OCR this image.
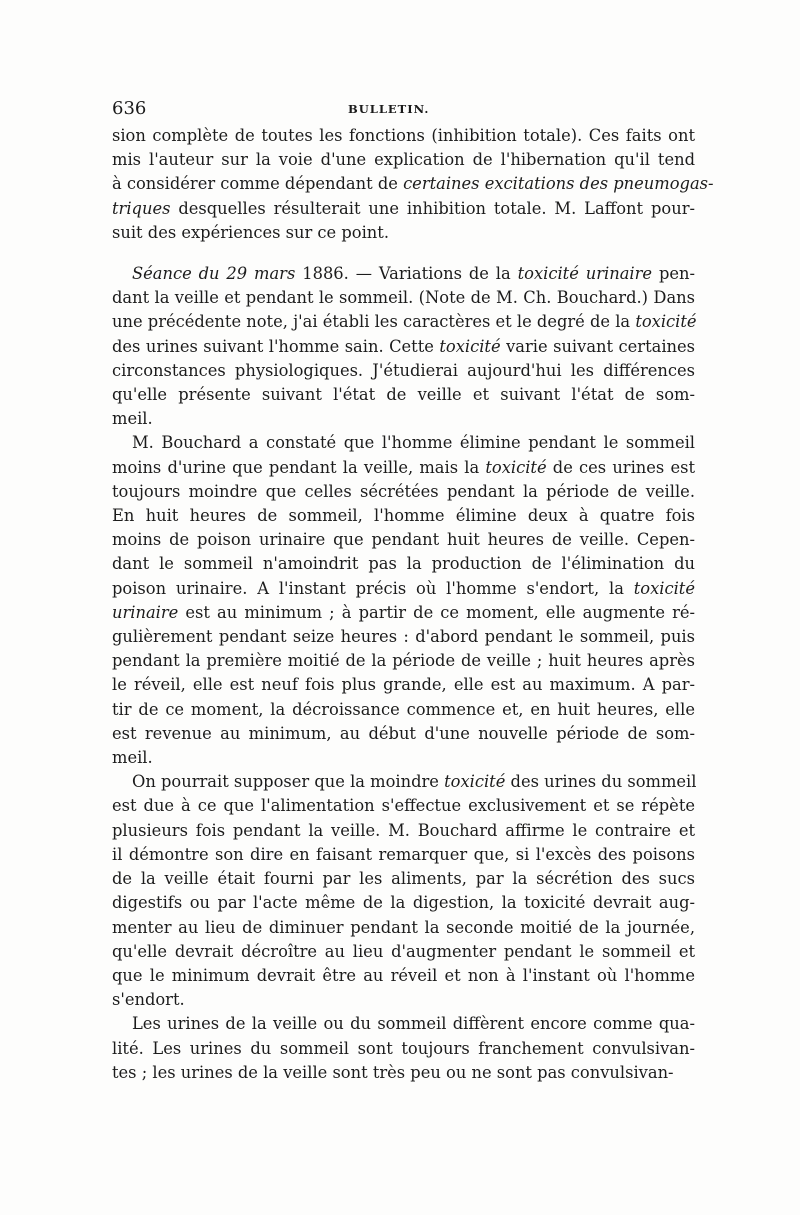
636	BULLETIN.

sion complète de toutes les fonctions (inhibition totale). Ces faits ont
mis l'auteur sur la voie d'une explication de l'hibernation qu'il tend
à considérer comme dépendant de certaines excitations des pneumogas-
triques desquelles résulterait une inhibition totale. M. Laffont pour-
suit des expériences sur ce point.

Séance du 29 mars 1886. — Variations de la toxicité urinaire pen-
dant la veille et pendant le sommeil. (Note de M. Ch. Bouchard.) Dans
une précédente note, j'ai établi les caractères et le degré de la toxicité
des urines suivant l'homme sain. Cette toxicité varie suivant certaines
circonstances physiologiques. J'étudierai aujourd'hui les différences
qu'elle présente suivant l'état de veille et suivant l'état de som-
meil.

M. Bouchard a constaté que l'homme élimine pendant le sommeil
moins d'urine que pendant la veille, mais la toxicité de ces urines est
toujours moindre que celles sécrétées pendant la période de veille.
En huit heures de sommeil, l'homme élimine deux à quatre fois
moins de poison urinaire que pendant huit heures de veille. Cepen-
dant le sommeil n'amoindrit pas la production de l'élimination du
poison urinaire. A l'instant précis où l'homme s'endort, la toxicité
urinaire est au minimum ; à partir de ce moment, elle augmente ré-
gulièrement pendant seize heures : d'abord pendant le sommeil, puis
pendant la première moitié de la période de veille ; huit heures après
le réveil, elle est neuf fois plus grande, elle est au maximum. A par-
tir de ce moment, la décroissance commence et, en huit heures, elle
est revenue au minimum, au début d'une nouvelle période de som-
meil.

On pourrait supposer que la moindre toxicité des urines du sommeil
est due à ce que l'alimentation s'effectue exclusivement et se répète
plusieurs fois pendant la veille. M. Bouchard affirme le contraire et
il démontre son dire en faisant remarquer que, si l'excès des poisons
de la veille était fourni par les aliments, par la sécrétion des sucs
digestifs ou par l'acte même de la digestion, la toxicité devrait aug-
menter au lieu de diminuer pendant la seconde moitié de la journée,
qu'elle devrait décroître au lieu d'augmenter pendant le sommeil et
que le minimum devrait être au réveil et non à l'instant où l'homme
s'endort.

Les urines de la veille ou du sommeil diffèrent encore comme qua-
lité. Les urines du sommeil sont toujours franchement convulsivan-
tes ; les urines de la veille sont très peu ou ne sont pas convulsivan-
